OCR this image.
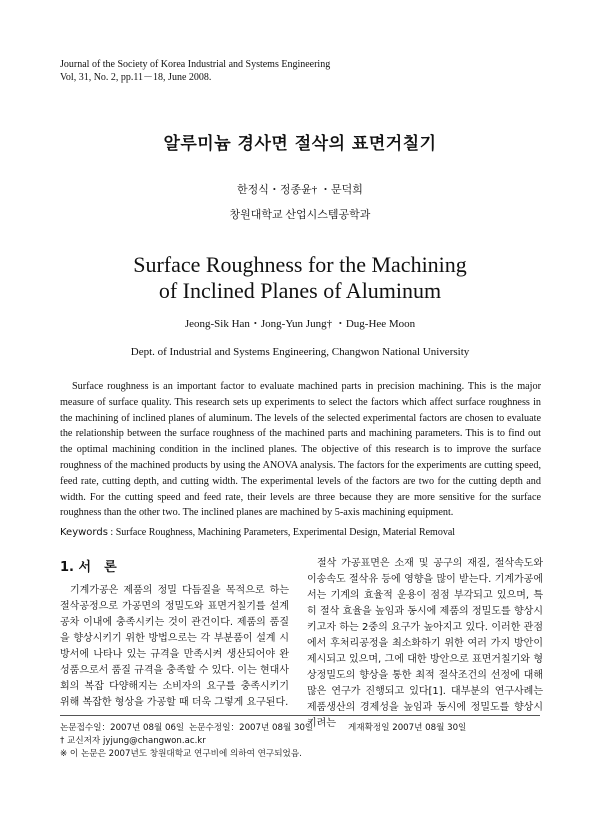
Journal of the Society of Korea Industrial and Systems Engineering
Vol, 31, No. 2, pp.11－18, June 2008.
알루미늄 경사면 절삭의 표면거칠기
한정식・정종윤† ・문덕희
창원대학교 산업시스템공학과
Surface Roughness for the Machining
of Inclined Planes of Aluminum
Jeong-Sik Han・Jong-Yun Jung† ・Dug-Hee Moon
Dept. of Industrial and Systems Engineering, Changwon National University
Surface roughness is an important factor to evaluate machined parts in precision machining. This is the major measure of surface quality. This research sets up experiments to select the factors which affect surface roughness in the machining of inclined planes of aluminum. The levels of the selected experimental factors are chosen to evaluate the relationship between the surface roughness of the machined parts and machining parameters. This is to find out the optimal machining condition in the inclined planes. The objective of this research is to improve the surface roughness of the machined products by using the ANOVA analysis. The factors for the experiments are cutting speed, feed rate, cutting depth, and cutting width. The experimental levels of the factors are two for the cutting depth and width. For the cutting speed and feed rate, their levels are three because they are more sensitive for the surface roughness than the other two. The inclined planes are machined by 5-axis machining equipment.
Keywords : Surface Roughness, Machining Parameters, Experimental Design, Material Removal
1. 서　론
기계가공은 제품의 정밀 다듬질을 목적으로 하는 절삭공정으로 가공면의 정밀도와 표면거칠기를 설계 공차 이내에 충족시키는 것이 관건이다. 제품의 품질을 향상시키기 위한 방법으로는 각 부분품이 설계 시방서에 나타나 있는 규격을 만족시켜 생산되어야 완성품으로서 품질 규격을 충족할 수 있다. 이는 현대사회의 복잡 다양해지는 소비자의 요구를 충족시키기 위해 복잡한 형상을 가공할 때 더욱 그렇게 요구된다.
절삭 가공표면은 소재 및 공구의 재질, 절삭속도와 이송속도 절삭유 등에 영향을 많이 받는다. 기계가공에서는 기계의 효율적 운용이 점점 부각되고 있으며, 특히 절삭 효율을 높임과 동시에 제품의 정밀도를 향상시키고자 하는 2중의 요구가 높아지고 있다. 이러한 관점에서 후처리공정을 최소화하기 위한 여러 가지 방안이 제시되고 있으며, 그에 대한 방안으로 표면거칠기와 형상정밀도의 향상을 통한 최적 절삭조건의 선정에 대해 많은 연구가 진행되고 있다[1]. 대부분의 연구사례는 제품생산의 경제성을 높임과 동시에 정밀도를 향상시키려는
논문접수일：2007년 08월 06일 논문수정일：2007년 08월 30일	게재확정일 2007년 08월 30일
† 교신저자 jyjung@changwon.ac.kr
※ 이 논문은 2007년도 창원대학교 연구비에 의하여 연구되었음.
